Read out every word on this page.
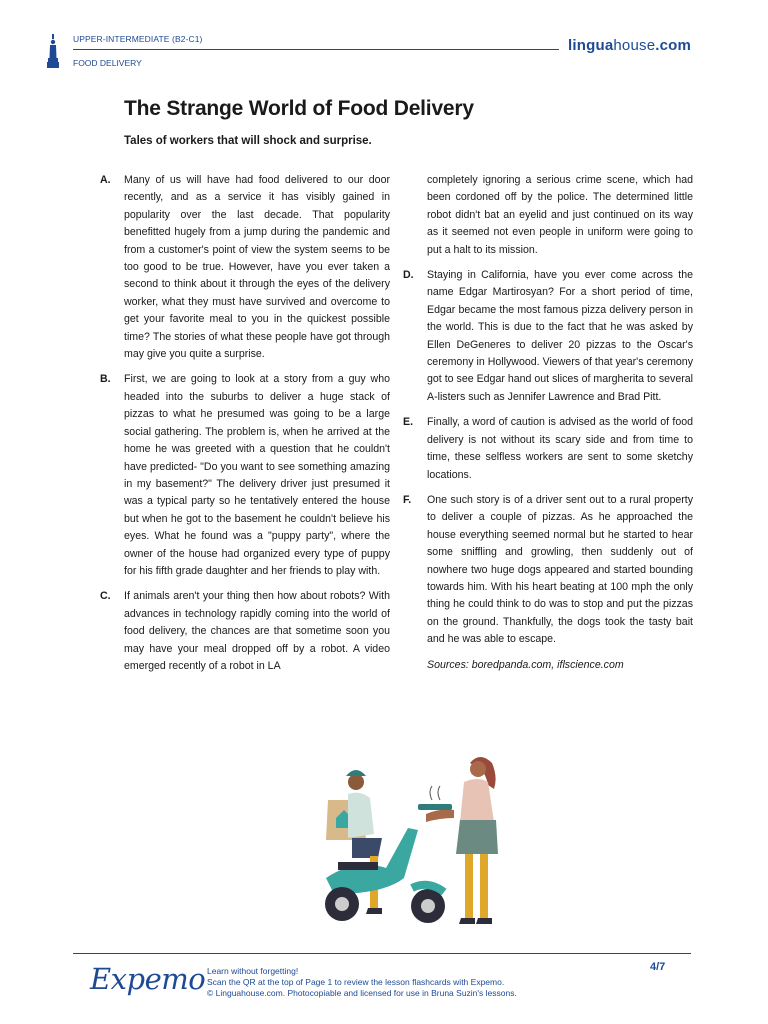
UPPER-INTERMEDIATE (B2-C1)
FOOD DELIVERY
linguahouse.com
The Strange World of Food Delivery
Tales of workers that will shock and surprise.
A. Many of us will have had food delivered to our door recently, and as a service it has visibly gained in popularity over the last decade. That popularity benefitted hugely from a jump during the pandemic and from a customer's point of view the system seems to be too good to be true. However, have you ever taken a second to think about it through the eyes of the delivery worker, what they must have survived and overcome to get your favorite meal to you in the quickest possible time? The stories of what these people have got through may give you quite a surprise.
B. First, we are going to look at a story from a guy who headed into the suburbs to deliver a huge stack of pizzas to what he presumed was going to be a large social gathering. The problem is, when he arrived at the home he was greeted with a question that he couldn't have predicted- "Do you want to see something amazing in my basement?" The delivery driver just presumed it was a typical party so he tentatively entered the house but when he got to the basement he couldn't believe his eyes. What he found was a "puppy party", where the owner of the house had organized every type of puppy for his fifth grade daughter and her friends to play with.
C. If animals aren't your thing then how about robots? With advances in technology rapidly coming into the world of food delivery, the chances are that sometime soon you may have your meal dropped off by a robot. A video emerged recently of a robot in LA
completely ignoring a serious crime scene, which had been cordoned off by the police. The determined little robot didn't bat an eyelid and just continued on its way as it seemed not even people in uniform were going to put a halt to its mission.
D. Staying in California, have you ever come across the name Edgar Martirosyan? For a short period of time, Edgar became the most famous pizza delivery person in the world. This is due to the fact that he was asked by Ellen DeGeneres to deliver 20 pizzas to the Oscar's ceremony in Hollywood. Viewers of that year's ceremony got to see Edgar hand out slices of margherita to several A-listers such as Jennifer Lawrence and Brad Pitt.
E. Finally, a word of caution is advised as the world of food delivery is not without its scary side and from time to time, these selfless workers are sent to some sketchy locations.
F. One such story is of a driver sent out to a rural property to deliver a couple of pizzas. As he approached the house everything seemed normal but he started to hear some sniffling and growling, then suddenly out of nowhere two huge dogs appeared and started bounding towards him. With his heart beating at 100 mph the only thing he could think to do was to stop and put the pizzas on the ground. Thankfully, the dogs took the tasty bait and he was able to escape.
Sources: boredpanda.com, iflscience.com
Expemo Learn without forgetting!
Scan the QR at the top of Page 1 to review the lesson flashcards with Expemo.
© Linguahouse.com. Photocopiable and licensed for use in Bruna Suzin's lessons.
4/7
